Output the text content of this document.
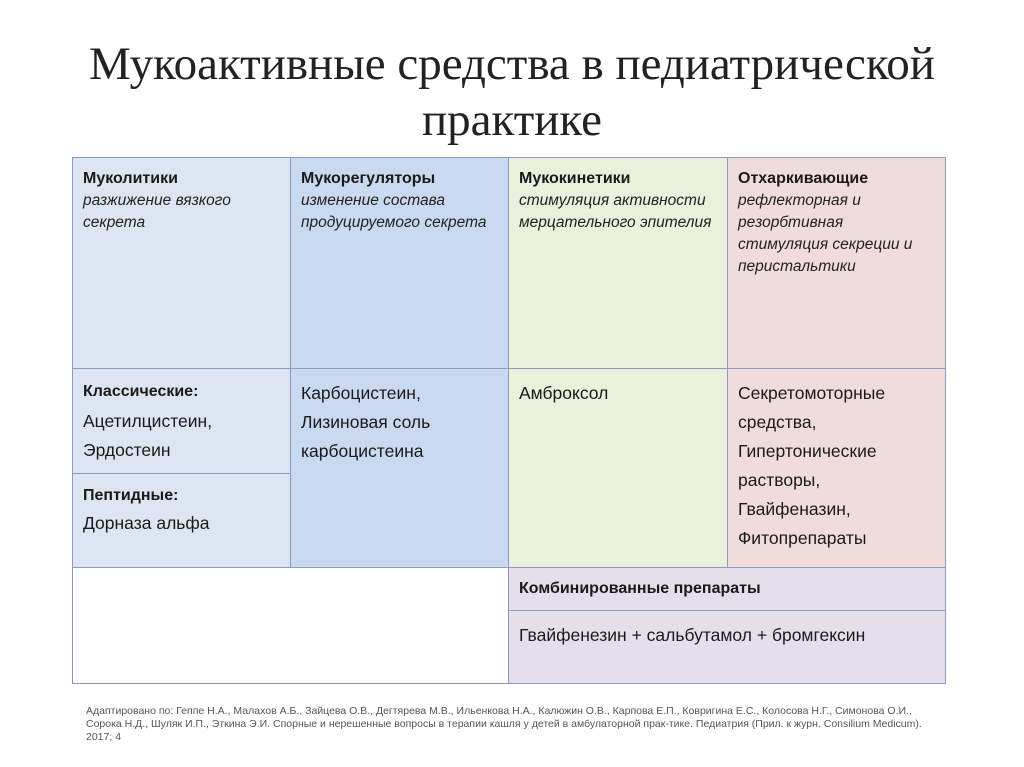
Мукоактивные средства в педиатрической практике
Муколитики
разжижение вязкого секрета
Мукорегуляторы
изменение состава продуцируемого секрета
Мукокинетики
стимуляция активности мерцательного эпителия
Отхаркивающие
рефлекторная и резорбтивная стимуляция секреции и перистальтики
Классические:
Ацетилцистеин, Эрдостеин
Пептидные:
Дорназа альфа
Карбоцистеин, Лизиновая соль карбоцистеина
Амброксол	Секретомоторные средства, Гипертонические растворы, Гвайфеназин, Фитопрепараты
Комбинированные препараты
Гвайфенезин + сальбутамол + бромгексин
Адаптировано по: Геппе Н.А., Малахов А.Б., Зайцева О.В., Дегтярева М.В., Ильенкова Н.А., Калюжин О.В., Карпова Е.П., Ковригина Е.С., Колосова Н.Г., Симонова О.И., Сорока Н.Д., Шуляк И.П., Эткина Э.И. Спорные и нерешенные вопросы в терапии кашля у детей в амбулаторной прак-тике. Педиатрия (Прил. к журн. Consilium Medicum). 2017; 4
